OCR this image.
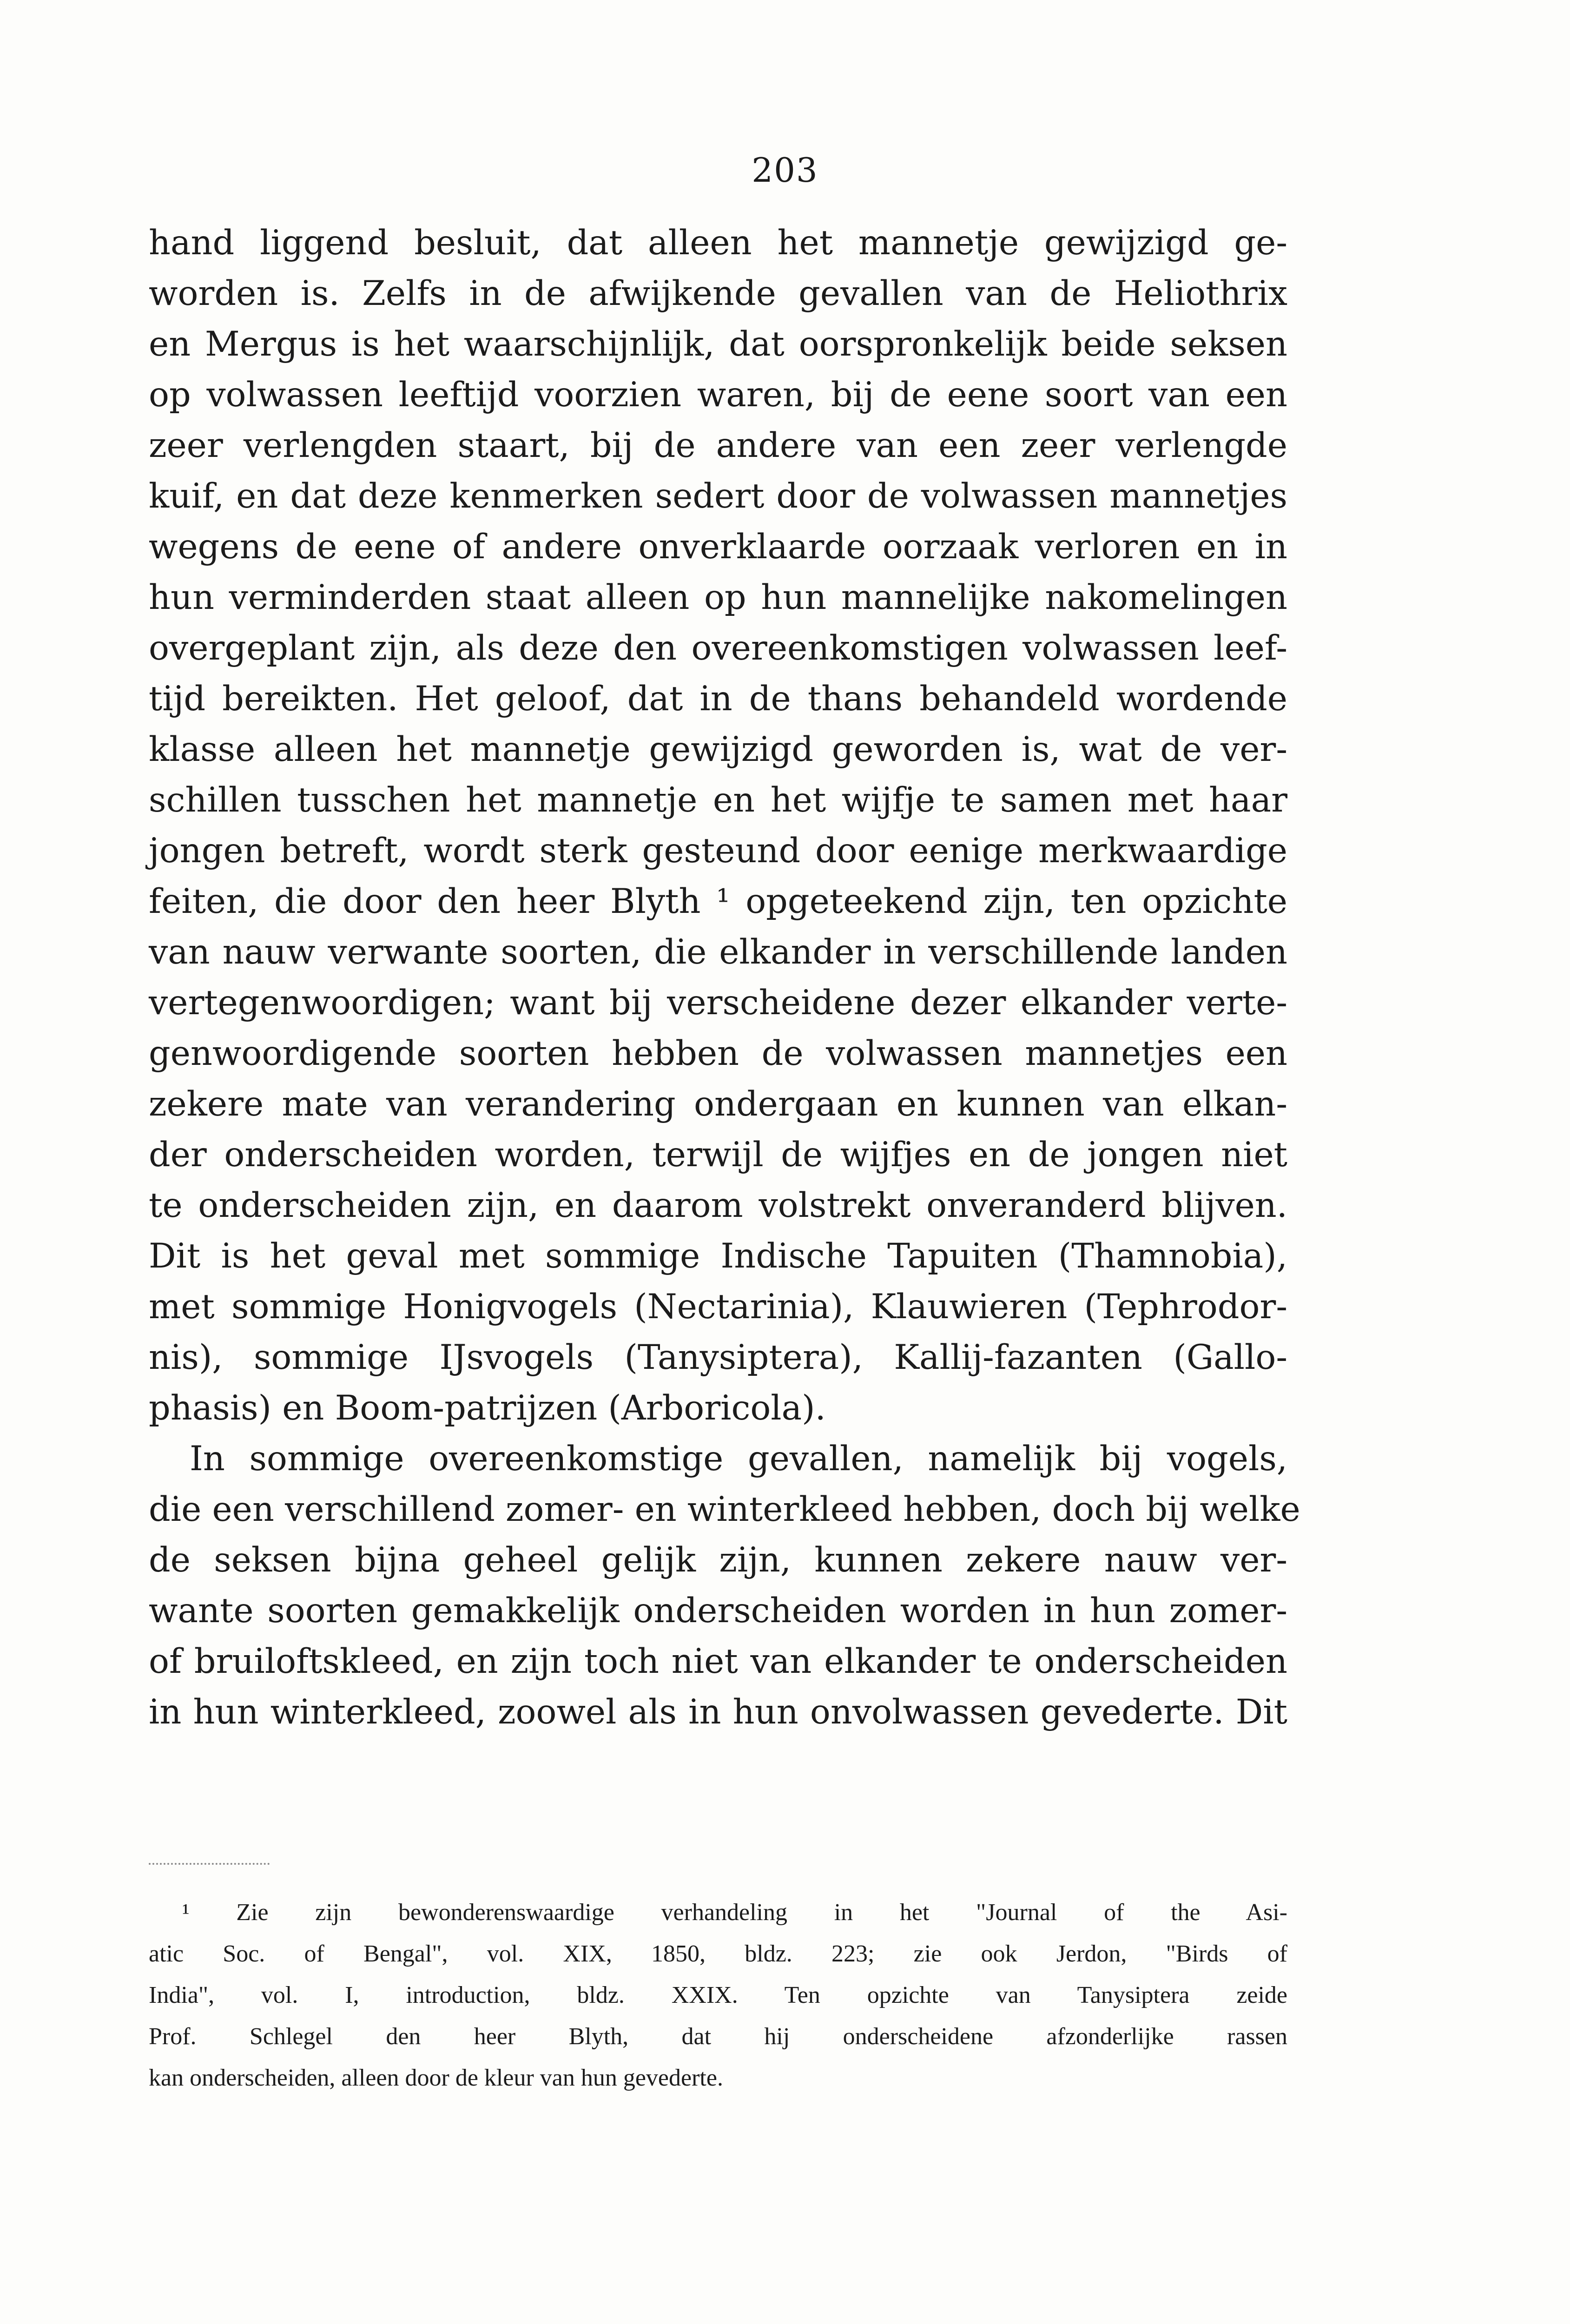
203
hand liggend besluit, dat alleen het mannetje gewijzigd ge-
worden is. Zelfs in de afwijkende gevallen van de Heliothrix
en Mergus is het waarschijnlijk, dat oorspronkelijk beide seksen
op volwassen leeftijd voorzien waren, bij de eene soort van een
zeer verlengden staart, bij de andere van een zeer verlengde
kuif, en dat deze kenmerken sedert door de volwassen mannetjes
wegens de eene of andere onverklaarde oorzaak verloren en in
hun verminderden staat alleen op hun mannelijke nakomelingen
overgeplant zijn, als deze den overeenkomstigen volwassen leef-
tijd bereikten. Het geloof, dat in de thans behandeld wordende
klasse alleen het mannetje gewijzigd geworden is, wat de ver-
schillen tusschen het mannetje en het wijfje te samen met haar
jongen betreft, wordt sterk gesteund door eenige merkwaardige
feiten, die door den heer Blyth ¹ opgeteekend zijn, ten opzichte
van nauw verwante soorten, die elkander in verschillende landen
vertegenwoordigen; want bij verscheidene dezer elkander verte-
genwoordigende soorten hebben de volwassen mannetjes een
zekere mate van verandering ondergaan en kunnen van elkan-
der onderscheiden worden, terwijl de wijfjes en de jongen niet
te onderscheiden zijn, en daarom volstrekt onveranderd blijven.
Dit is het geval met sommige Indische Tapuiten (Thamnobia),
met sommige Honigvogels (Nectarinia), Klauwieren (Tephrodor-
nis), sommige IJsvogels (Tanysiptera), Kallij-fazanten (Gallo-
phasis) en Boom-patrijzen (Arboricola).
In sommige overeenkomstige gevallen, namelijk bij vogels,
die een verschillend zomer- en winterkleed hebben, doch bij welke
de seksen bijna geheel gelijk zijn, kunnen zekere nauw ver-
wante soorten gemakkelijk onderscheiden worden in hun zomer-
of bruiloftskleed, en zijn toch niet van elkander te onderscheiden
in hun winterkleed, zoowel als in hun onvolwassen gevederte. Dit
¹ Zie zijn bewonderenswaardige verhandeling in het "Journal of the Asi-
atic Soc. of Bengal", vol. XIX, 1850, bldz. 223; zie ook Jerdon, "Birds of
India", vol. I, introduction, bldz. XXIX. Ten opzichte van Tanysiptera zeide
Prof. Schlegel den heer Blyth, dat hij onderscheidene afzonderlijke rassen
kan onderscheiden, alleen door de kleur van hun gevederte.
